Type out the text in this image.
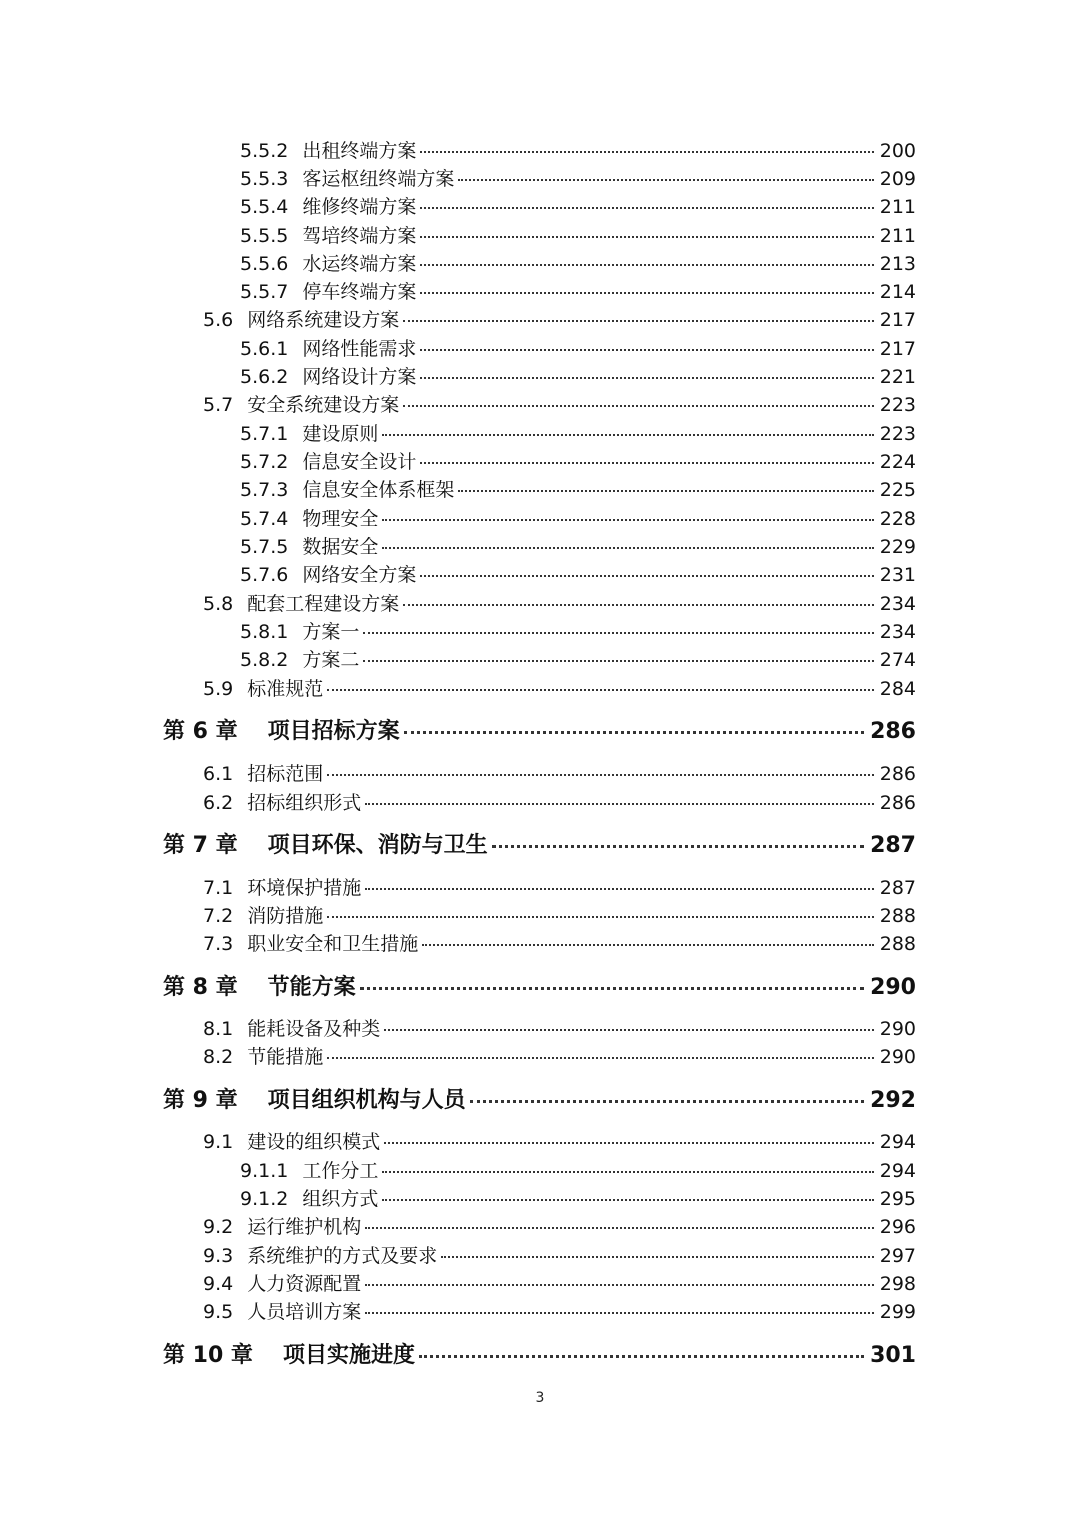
5.5.2 出租终端方案	200
5.5.3 客运枢纽终端方案	209
5.5.4 维修终端方案	211
5.5.5 驾培终端方案	211
5.5.6 水运终端方案	213
5.5.7 停车终端方案	214
5.6 网络系统建设方案	217
5.6.1 网络性能需求	217
5.6.2 网络设计方案	221
5.7 安全系统建设方案	223
5.7.1 建设原则	223
5.7.2 信息安全设计	224
5.7.3 信息安全体系框架	225
5.7.4 物理安全	228
5.7.5 数据安全	229
5.7.6 网络安全方案	231
5.8 配套工程建设方案	234
5.8.1 方案一	234
5.8.2 方案二	274
5.9 标准规范	284
第 6 章 项目招标方案	286
6.1 招标范围	286
6.2 招标组织形式	286
第 7 章 项目环保、消防与卫生	287
7.1 环境保护措施	287
7.2 消防措施	288
7.3 职业安全和卫生措施	288
第 8 章 节能方案	290
8.1 能耗设备及种类	290
8.2 节能措施	290
第 9 章 项目组织机构与人员	292
9.1 建设的组织模式	294
9.1.1 工作分工	294
9.1.2 组织方式	295
9.2 运行维护机构	296
9.3 系统维护的方式及要求	297
9.4 人力资源配置	298
9.5 人员培训方案	299
第 10 章 项目实施进度	301
3
